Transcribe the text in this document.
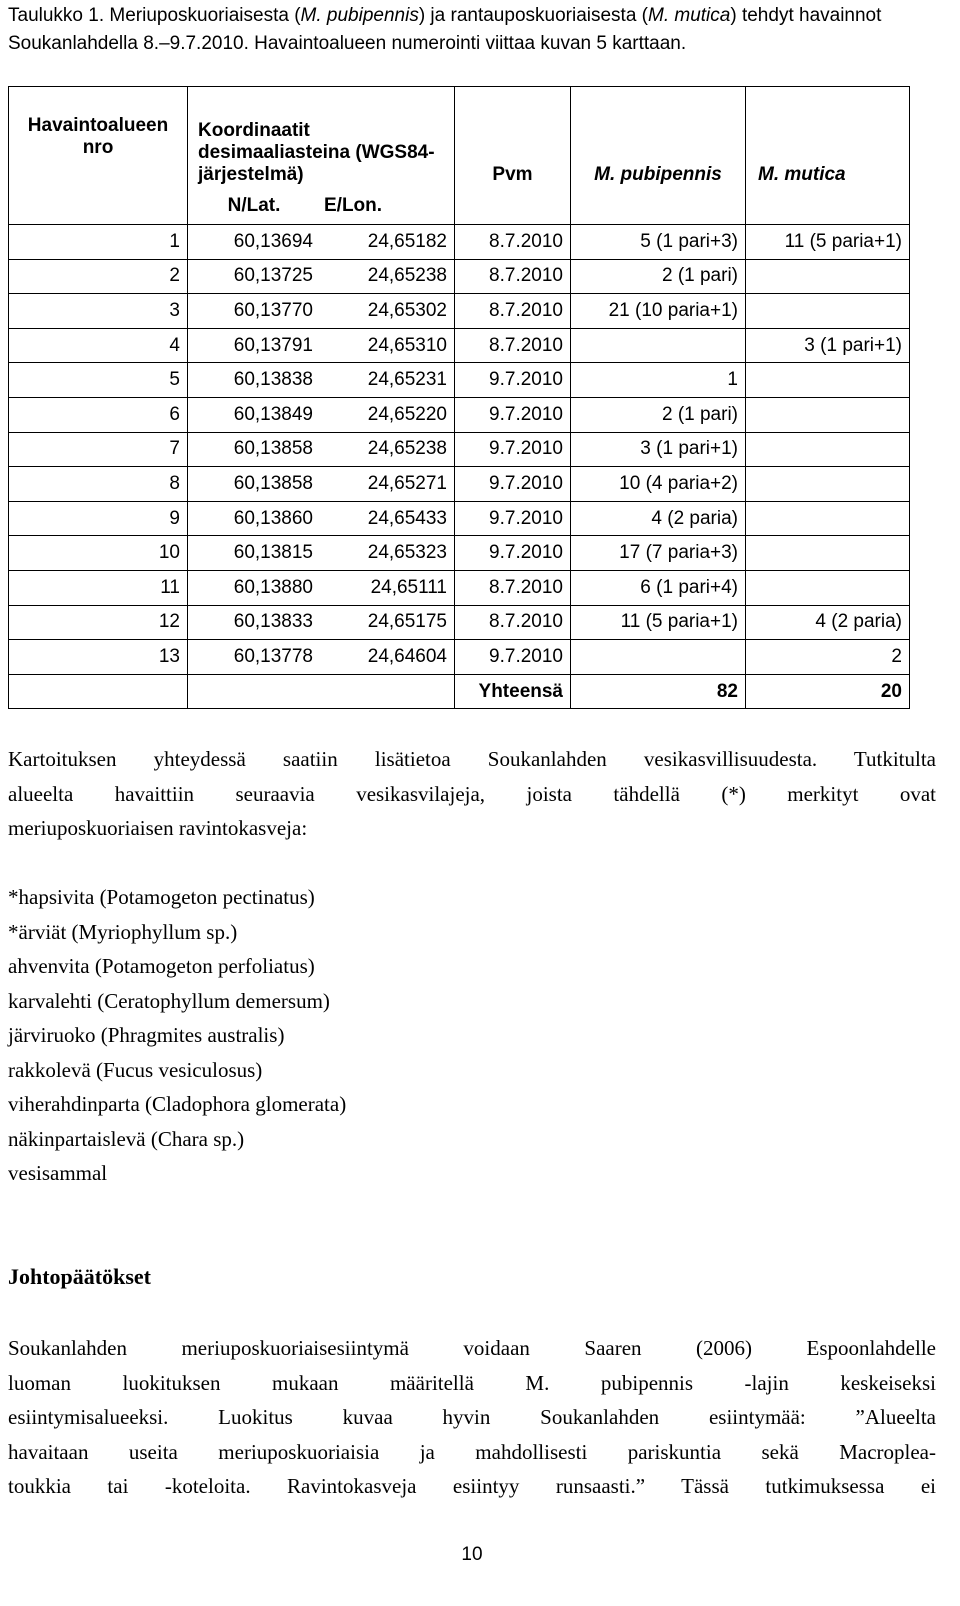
Taulukko 1. Meriuposkuoriaisesta (M. pubipennis) ja rantauposkuoriaisesta (M. mutica) tehdyt havainnot Soukanlahdella 8.–9.7.2010. Havaintoalueen numerointi viittaa kuvan 5 karttaan.
Havaintoalueen nro	Koordinaatit desimaaliasteina (WGS84-järjestelmä)		Pvm	M. pubipennis	M. mutica
	N/Lat.	E/Lon.			
1	60,13694	24,65182	8.7.2010	5 (1 pari+3)	11 (5 paria+1)
2	60,13725	24,65238	8.7.2010	2 (1 pari)	
3	60,13770	24,65302	8.7.2010	21 (10 paria+1)	
4	60,13791	24,65310	8.7.2010		3 (1 pari+1)
5	60,13838	24,65231	9.7.2010	1	
6	60,13849	24,65220	9.7.2010	2 (1 pari)	
7	60,13858	24,65238	9.7.2010	3 (1 pari+1)	
8	60,13858	24,65271	9.7.2010	10 (4 paria+2)	
9	60,13860	24,65433	9.7.2010	4 (2 paria)	
10	60,13815	24,65323	9.7.2010	17 (7 paria+3)	
11	60,13880	24,65111	8.7.2010	6 (1 pari+4)	
12	60,13833	24,65175	8.7.2010	11 (5 paria+1)	4 (2 paria)
13	60,13778	24,64604	9.7.2010		2
			Yhteensä	82	20
Kartoituksen yhteydessä saatiin lisätietoa Soukanlahden vesikasvillisuudesta. Tutkitulta
alueelta havaittiin seuraavia vesikasvilajeja, joista tähdellä (*) merkityt ovat
meriuposkuoriaisen ravintokasveja:
*hapsivita (Potamogeton pectinatus)
*ärviät (Myriophyllum sp.)
ahvenvita (Potamogeton perfoliatus)
karvalehti (Ceratophyllum demersum)
järviruoko (Phragmites australis)
rakkolevä (Fucus vesiculosus)
viherahdinparta (Cladophora glomerata)
näkinpartaislevä (Chara sp.)
vesisammal
Johtopäätökset
Soukanlahden meriuposkuoriaisesiintymä voidaan Saaren (2006) Espoonlahdelle
luoman luokituksen mukaan määritellä M. pubipennis -lajin keskeiseksi
esiintymisalueeksi. Luokitus kuvaa hyvin Soukanlahden esiintymää: ”Alueelta
havaitaan useita meriuposkuoriaisia ja mahdollisesti pariskuntia sekä Macroplea-
toukkia tai -koteloita. Ravintokasveja esiintyy runsaasti.” Tässä tutkimuksessa ei
10
